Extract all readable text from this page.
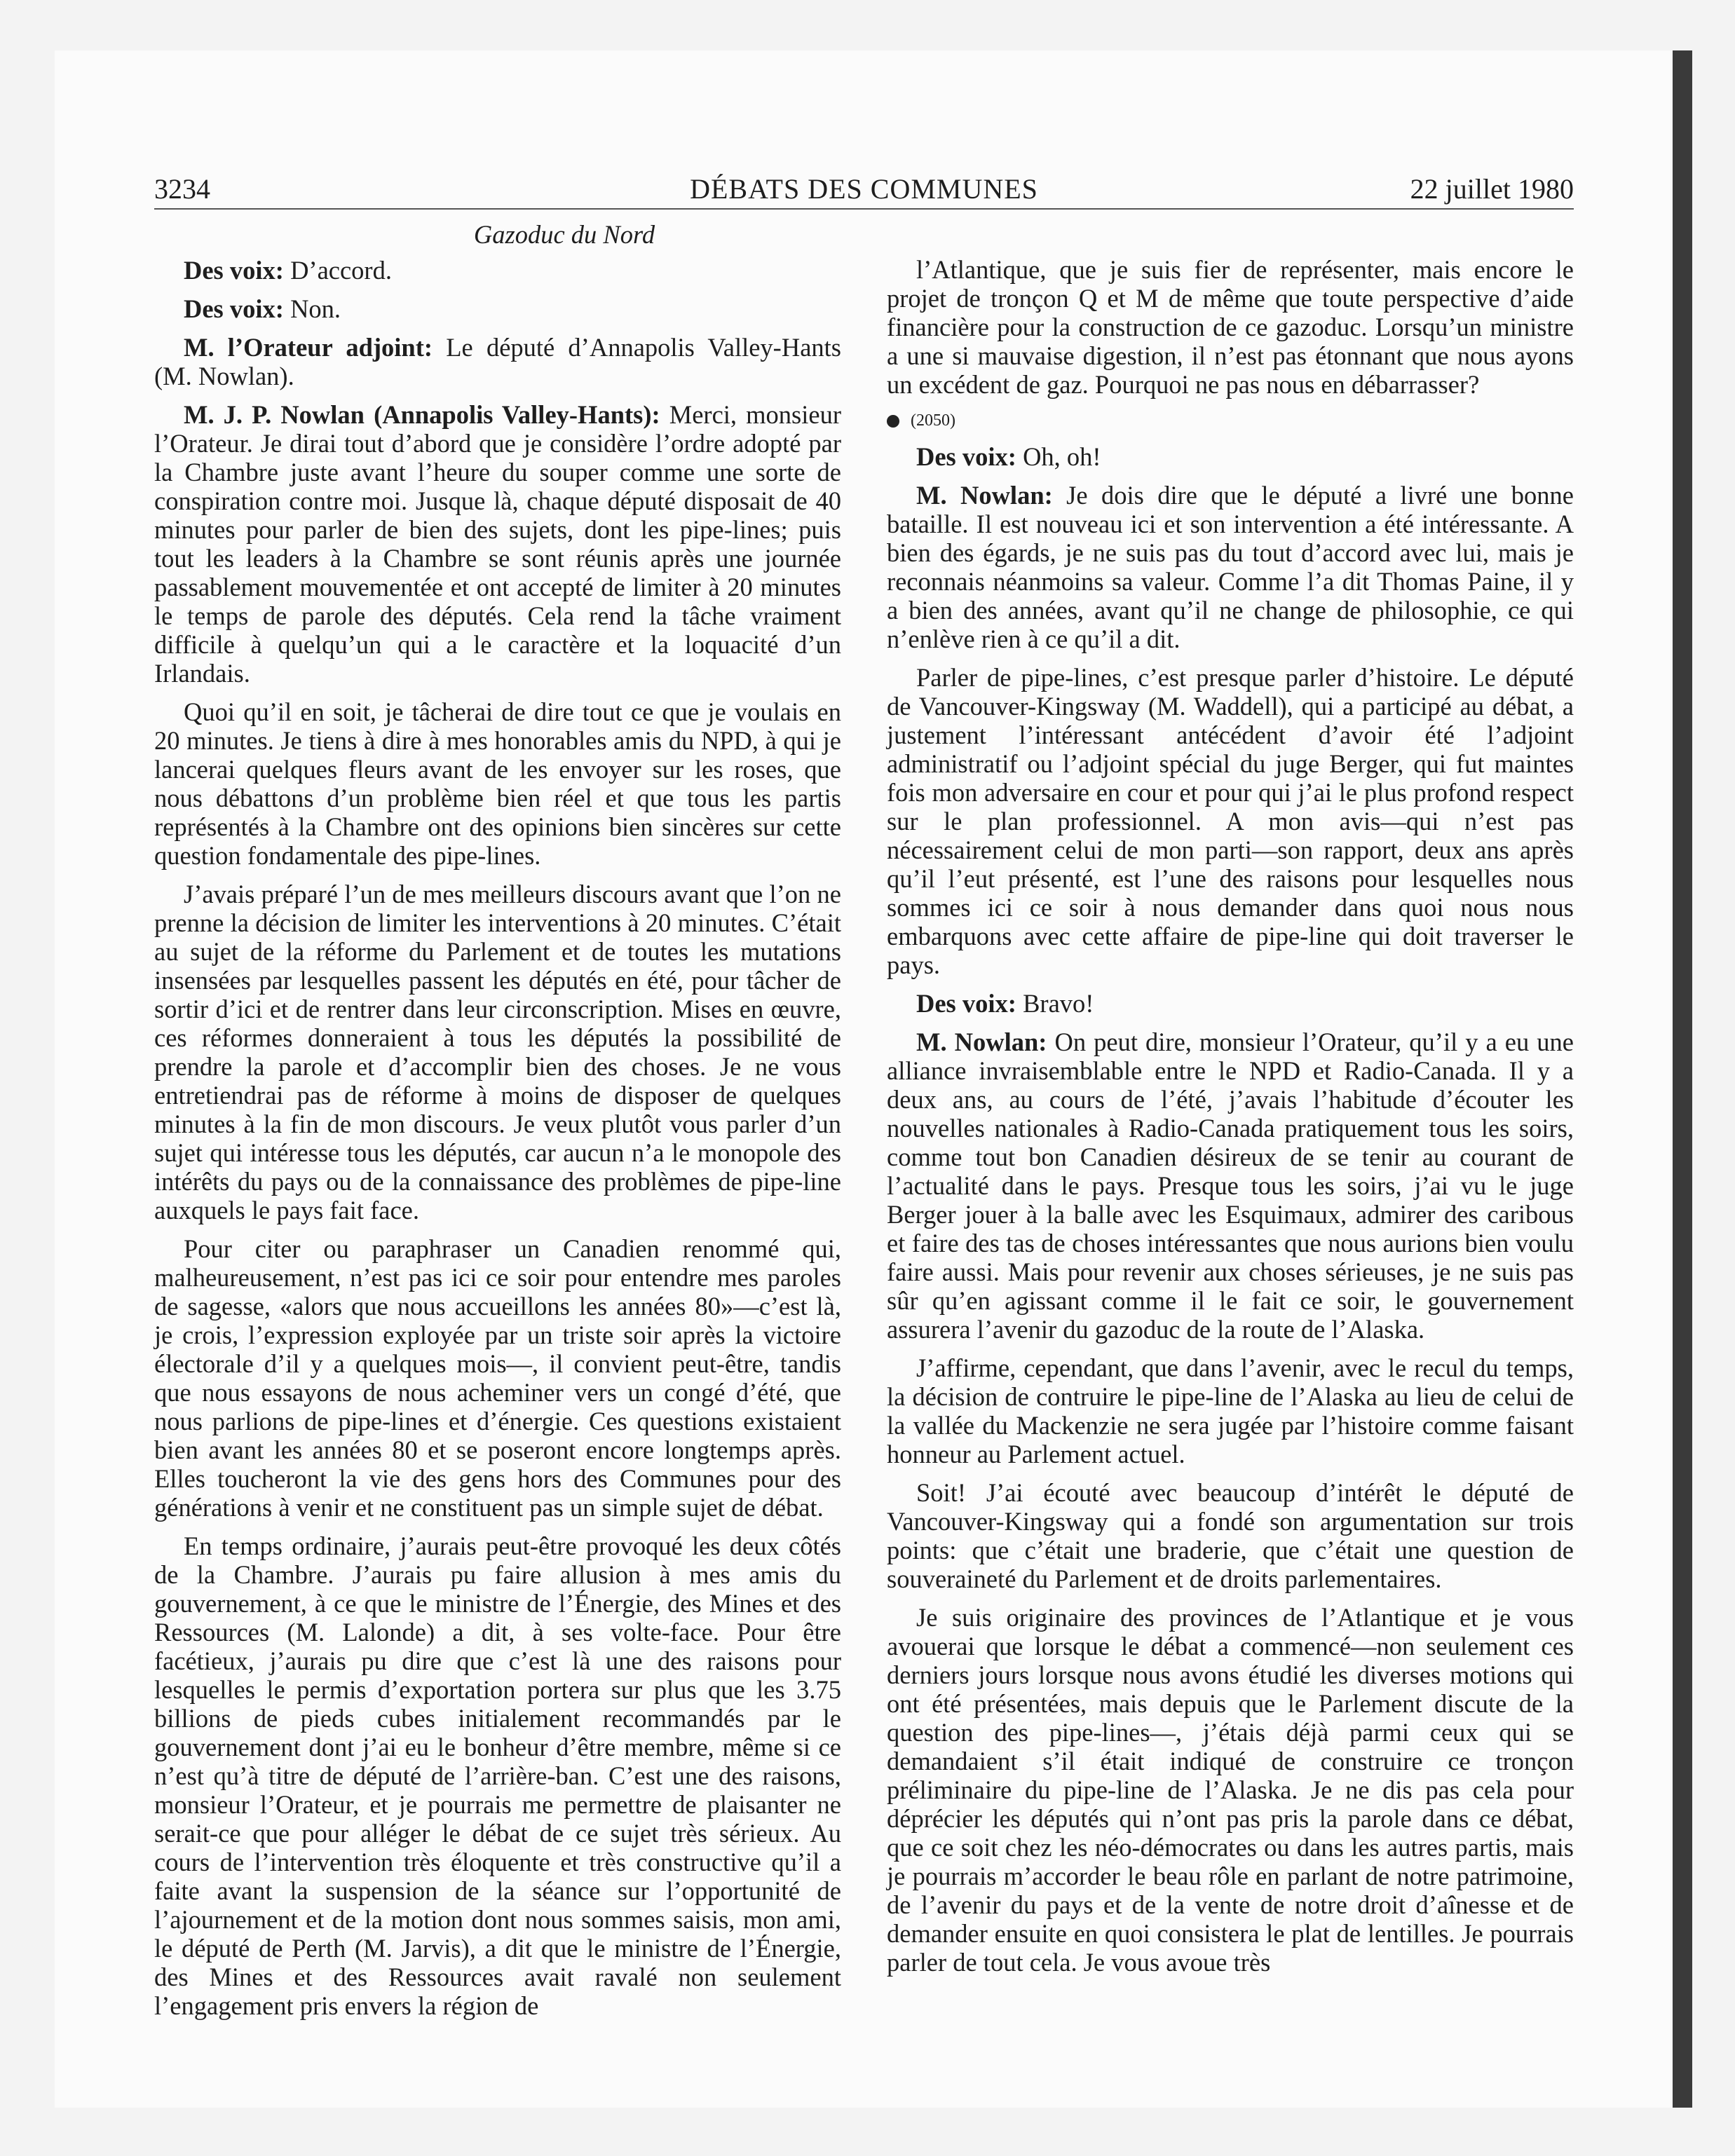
3234	DÉBATS DES COMMUNES	22 juillet 1980
Gazoduc du Nord

Des voix: D’accord.

Des voix: Non.

M. l’Orateur adjoint: Le député d’Annapolis Valley-Hants (M. Nowlan).

M. J. P. Nowlan (Annapolis Valley-Hants): Merci, monsieur l’Orateur. Je dirai tout d’abord que je considère l’ordre adopté par la Chambre juste avant l’heure du souper comme une sorte de conspiration contre moi. Jusque là, chaque député disposait de 40 minutes pour parler de bien des sujets, dont les pipe-lines; puis tout les leaders à la Chambre se sont réunis après une journée passablement mouvementée et ont accepté de limiter à 20 minutes le temps de parole des députés. Cela rend la tâche vraiment difficile à quelqu’un qui a le caractère et la loquacité d’un Irlandais.

Quoi qu’il en soit, je tâcherai de dire tout ce que je voulais en 20 minutes. Je tiens à dire à mes honorables amis du NPD, à qui je lancerai quelques fleurs avant de les envoyer sur les roses, que nous débattons d’un problème bien réel et que tous les partis représentés à la Chambre ont des opinions bien sincères sur cette question fondamentale des pipe-lines.

J’avais préparé l’un de mes meilleurs discours avant que l’on ne prenne la décision de limiter les interventions à 20 minutes. C’était au sujet de la réforme du Parlement et de toutes les mutations insensées par lesquelles passent les députés en été, pour tâcher de sortir d’ici et de rentrer dans leur circonscription. Mises en œuvre, ces réformes donneraient à tous les députés la possibilité de prendre la parole et d’accomplir bien des choses. Je ne vous entretiendrai pas de réforme à moins de disposer de quelques minutes à la fin de mon discours. Je veux plutôt vous parler d’un sujet qui intéresse tous les députés, car aucun n’a le monopole des intérêts du pays ou de la connaissance des problèmes de pipe-line auxquels le pays fait face.

Pour citer ou paraphraser un Canadien renommé qui, malheureusement, n’est pas ici ce soir pour entendre mes paroles de sagesse, «alors que nous accueillons les années 80»—c’est là, je crois, l’expression exployée par un triste soir après la victoire électorale d’il y a quelques mois—, il convient peut-être, tandis que nous essayons de nous acheminer vers un congé d’été, que nous parlions de pipe-lines et d’énergie. Ces questions existaient bien avant les années 80 et se poseront encore longtemps après. Elles toucheront la vie des gens hors des Communes pour des générations à venir et ne constituent pas un simple sujet de débat.

En temps ordinaire, j’aurais peut-être provoqué les deux côtés de la Chambre. J’aurais pu faire allusion à mes amis du gouvernement, à ce que le ministre de l’Énergie, des Mines et des Ressources (M. Lalonde) a dit, à ses volte-face. Pour être facétieux, j’aurais pu dire que c’est là une des raisons pour lesquelles le permis d’exportation portera sur plus que les 3.75 billions de pieds cubes initialement recommandés par le gouvernement dont j’ai eu le bonheur d’être membre, même si ce n’est qu’à titre de député de l’arrière-ban. C’est une des raisons, monsieur l’Orateur, et je pourrais me permettre de plaisanter ne serait-ce que pour alléger le débat de ce sujet très sérieux. Au cours de l’intervention très éloquente et très constructive qu’il a faite avant la suspension de la séance sur l’opportunité de l’ajournement et de la motion dont nous sommes saisis, mon ami, le député de Perth (M. Jarvis), a dit que le ministre de l’Énergie, des Mines et des Ressources avait ravalé non seulement l’engagement pris envers la région de

l’Atlantique, que je suis fier de représenter, mais encore le projet de tronçon Q et M de même que toute perspective d’aide financière pour la construction de ce gazoduc. Lorsqu’un ministre a une si mauvaise digestion, il n’est pas étonnant que nous ayons un excédent de gaz. Pourquoi ne pas nous en débarrasser?

(2050)

Des voix: Oh, oh!

M. Nowlan: Je dois dire que le député a livré une bonne bataille. Il est nouveau ici et son intervention a été intéressante. A bien des égards, je ne suis pas du tout d’accord avec lui, mais je reconnais néanmoins sa valeur. Comme l’a dit Thomas Paine, il y a bien des années, avant qu’il ne change de philosophie, ce qui n’enlève rien à ce qu’il a dit.

Parler de pipe-lines, c’est presque parler d’histoire. Le député de Vancouver-Kingsway (M. Waddell), qui a participé au débat, a justement l’intéressant antécédent d’avoir été l’adjoint administratif ou l’adjoint spécial du juge Berger, qui fut maintes fois mon adversaire en cour et pour qui j’ai le plus profond respect sur le plan professionnel. A mon avis—qui n’est pas nécessairement celui de mon parti—son rapport, deux ans après qu’il l’eut présenté, est l’une des raisons pour lesquelles nous sommes ici ce soir à nous demander dans quoi nous nous embarquons avec cette affaire de pipe-line qui doit traverser le pays.

Des voix: Bravo!

M. Nowlan: On peut dire, monsieur l’Orateur, qu’il y a eu une alliance invraisemblable entre le NPD et Radio-Canada. Il y a deux ans, au cours de l’été, j’avais l’habitude d’écouter les nouvelles nationales à Radio-Canada pratiquement tous les soirs, comme tout bon Canadien désireux de se tenir au courant de l’actualité dans le pays. Presque tous les soirs, j’ai vu le juge Berger jouer à la balle avec les Esquimaux, admirer des caribous et faire des tas de choses intéressantes que nous aurions bien voulu faire aussi. Mais pour revenir aux choses sérieuses, je ne suis pas sûr qu’en agissant comme il le fait ce soir, le gouvernement assurera l’avenir du gazoduc de la route de l’Alaska.

J’affirme, cependant, que dans l’avenir, avec le recul du temps, la décision de contruire le pipe-line de l’Alaska au lieu de celui de la vallée du Mackenzie ne sera jugée par l’histoire comme faisant honneur au Parlement actuel.

Soit! J’ai écouté avec beaucoup d’intérêt le député de Vancouver-Kingsway qui a fondé son argumentation sur trois points: que c’était une braderie, que c’était une question de souveraineté du Parlement et de droits parlementaires.

Je suis originaire des provinces de l’Atlantique et je vous avouerai que lorsque le débat a commencé—non seulement ces derniers jours lorsque nous avons étudié les diverses motions qui ont été présentées, mais depuis que le Parlement discute de la question des pipe-lines—, j’étais déjà parmi ceux qui se demandaient s’il était indiqué de construire ce tronçon préliminaire du pipe-line de l’Alaska. Je ne dis pas cela pour déprécier les députés qui n’ont pas pris la parole dans ce débat, que ce soit chez les néo-démocrates ou dans les autres partis, mais je pourrais m’accorder le beau rôle en parlant de notre patrimoine, de l’avenir du pays et de la vente de notre droit d’aînesse et de demander ensuite en quoi consistera le plat de lentilles. Je pourrais parler de tout cela. Je vous avoue très
